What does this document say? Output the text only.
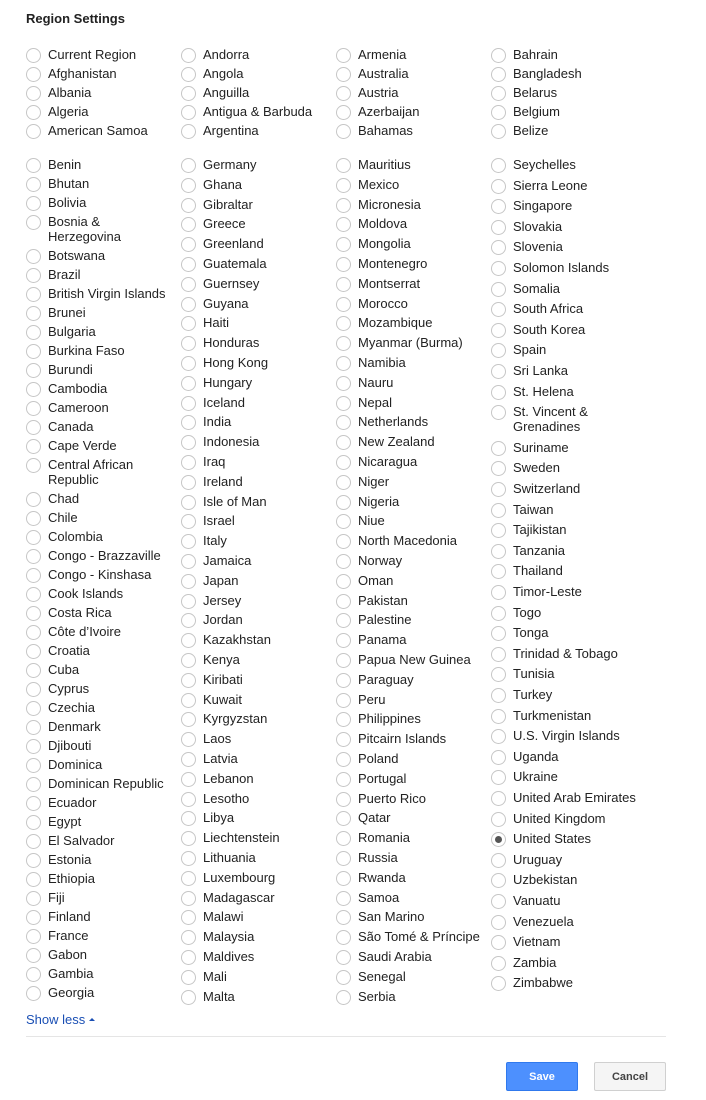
Region Settings
Current Region
Afghanistan
Albania
Algeria
American Samoa
Andorra
Angola
Anguilla
Antigua & Barbuda
Argentina
Armenia
Australia
Austria
Azerbaijan
Bahamas
Bahrain
Bangladesh
Belarus
Belgium
Belize
Benin
Bhutan
Bolivia
Bosnia &
Herzegovina
Botswana
Brazil
British Virgin Islands
Brunei
Bulgaria
Burkina Faso
Burundi
Cambodia
Cameroon
Canada
Cape Verde
Central African
Republic
Chad
Chile
Colombia
Congo - Brazzaville
Congo - Kinshasa
Cook Islands
Costa Rica
Côte d’Ivoire
Croatia
Cuba
Cyprus
Czechia
Denmark
Djibouti
Dominica
Dominican Republic
Ecuador
Egypt
El Salvador
Estonia
Ethiopia
Fiji
Finland
France
Gabon
Gambia
Georgia
Germany
Ghana
Gibraltar
Greece
Greenland
Guatemala
Guernsey
Guyana
Haiti
Honduras
Hong Kong
Hungary
Iceland
India
Indonesia
Iraq
Ireland
Isle of Man
Israel
Italy
Jamaica
Japan
Jersey
Jordan
Kazakhstan
Kenya
Kiribati
Kuwait
Kyrgyzstan
Laos
Latvia
Lebanon
Lesotho
Libya
Liechtenstein
Lithuania
Luxembourg
Madagascar
Malawi
Malaysia
Maldives
Mali
Malta
Mauritius
Mexico
Micronesia
Moldova
Mongolia
Montenegro
Montserrat
Morocco
Mozambique
Myanmar (Burma)
Namibia
Nauru
Nepal
Netherlands
New Zealand
Nicaragua
Niger
Nigeria
Niue
North Macedonia
Norway
Oman
Pakistan
Palestine
Panama
Papua New Guinea
Paraguay
Peru
Philippines
Pitcairn Islands
Poland
Portugal
Puerto Rico
Qatar
Romania
Russia
Rwanda
Samoa
San Marino
São Tomé & Príncipe
Saudi Arabia
Senegal
Serbia
Seychelles
Sierra Leone
Singapore
Slovakia
Slovenia
Solomon Islands
Somalia
South Africa
South Korea
Spain
Sri Lanka
St. Helena
St. Vincent &
Grenadines
Suriname
Sweden
Switzerland
Taiwan
Tajikistan
Tanzania
Thailand
Timor-Leste
Togo
Tonga
Trinidad & Tobago
Tunisia
Turkey
Turkmenistan
U.S. Virgin Islands
Uganda
Ukraine
United Arab Emirates
United Kingdom
United States
Uruguay
Uzbekistan
Vanuatu
Venezuela
Vietnam
Zambia
Zimbabwe
Show less
Save	Cancel
